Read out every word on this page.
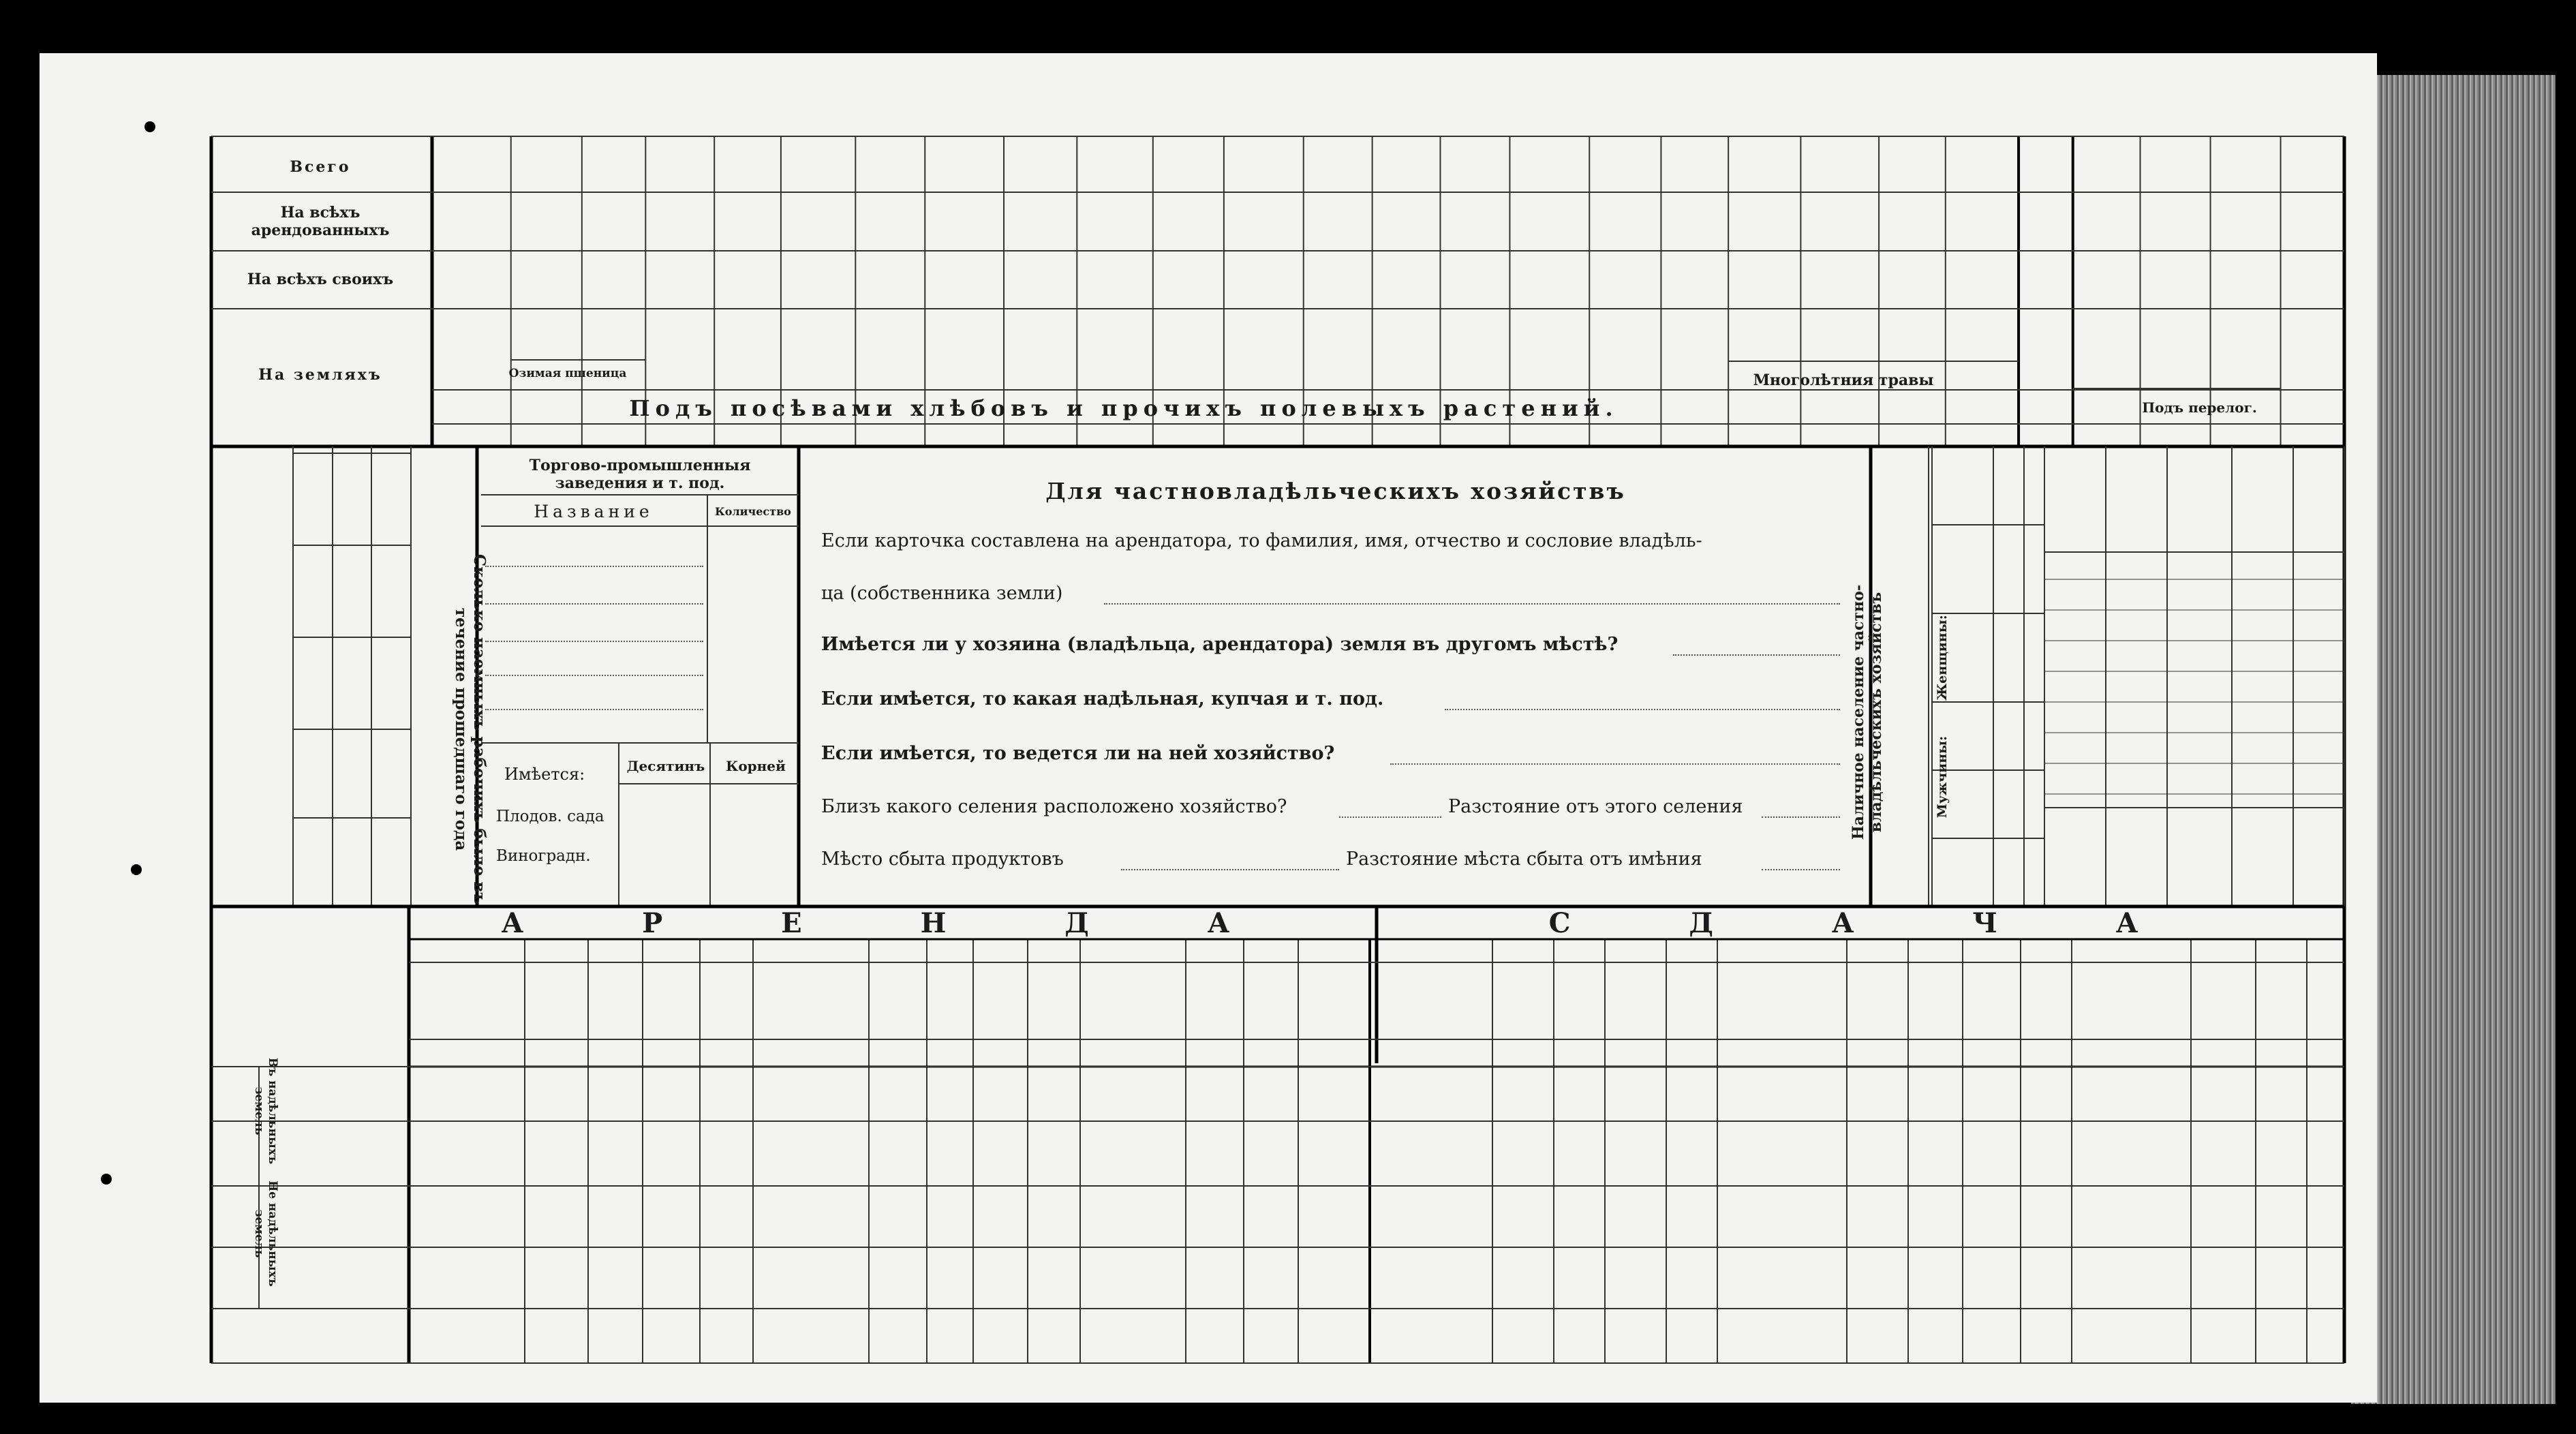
Всего
На всѣхъ арендованныхъ
На всѣхъ своихъ
На земляхъ	Озимая пшеница
Подъ посѣвами хлѣбовъ и прочихъ полевыхъ растений.
Многолѣтния травы
Подъ перелог.
Сколько наемныхъ рабочихъ было въ течение прошедшаго года
Торгово-промышленныя заведения и т. под.
Название	Количество
Имѣется:	Десятинъ	Корней
Плодов. сада
Виноградн.
Для частновладѣльческихъ хозяйствъ
Если карточка составлена на арендатора, то фамилия, имя, отчество и сословие владѣль-
ца (собственника земли)
Имѣется ли у хозяина (владѣльца, арендатора) земля въ другомъ мѣстѣ?
Если имѣется, то какая надѣльная, купчая и т. под.
Если имѣется, то ведется ли на ней хозяйство?
Близъ какого селения расположено хозяйство?	Разстояние отъ этого селения
Мѣсто сбыта продуктовъ	Разстояние мѣста сбыта отъ имѣния
Наличное население частно-владѣльческихъ хозяйствъ	Мужчины:
Женщины:
А Р Е Н Д А	С Д А Ч А
Въ надѣльныхъ земель
Не надѣльныхъ земель
